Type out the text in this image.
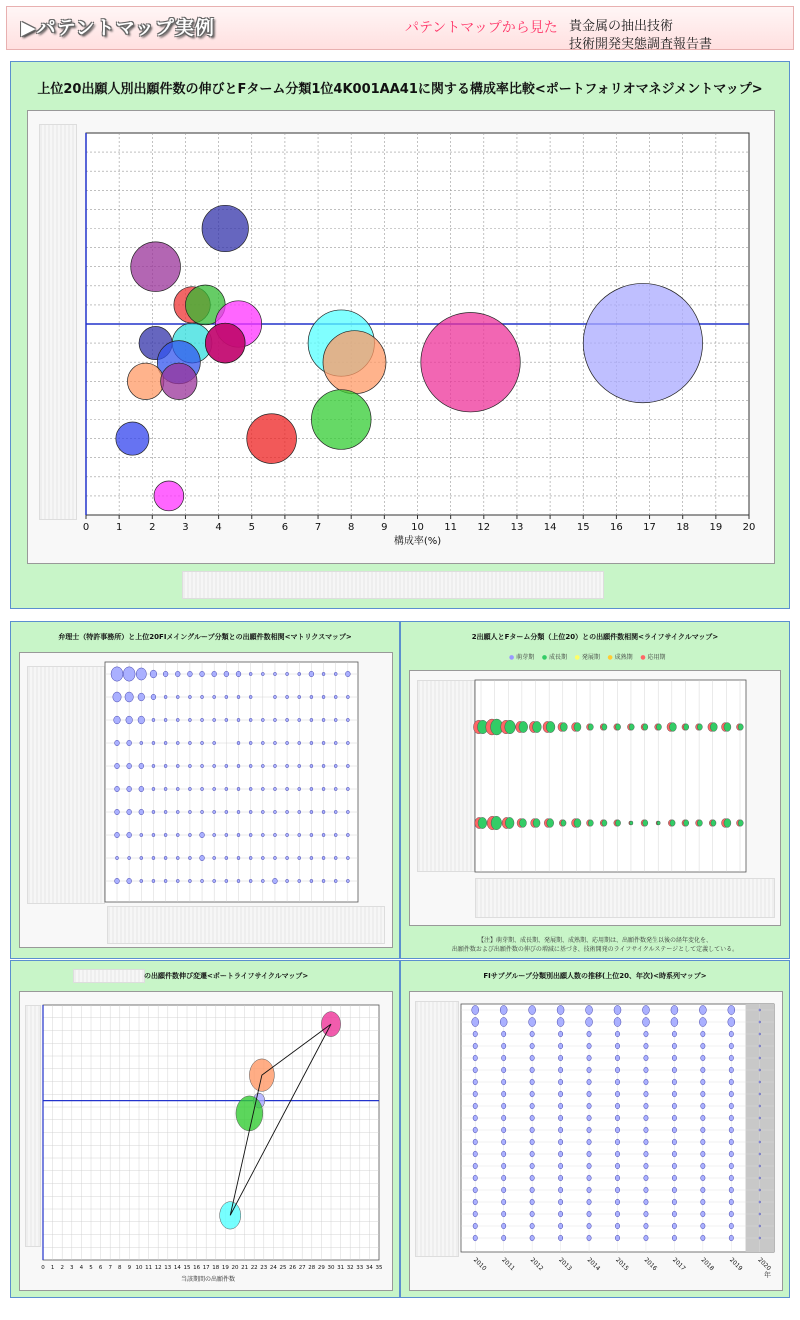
▶パテントマップ実例	パテントマップから見た 貴金属の抽出技術
技術開発実態調査報告書
上位20出願人別出願件数の伸びとFターム分類1位4K001AA41に関する構成率比較<ポートフォリオマネジメントマップ>
0	1	2	3	4	5	6	7	8	9 10 11 12 13 14 15 16 17 18 19 20
構成率(%)
弁理士（特許事務所）と上位20FIメイングループ分類との出願件数相関<マトリクスマップ>	2出願人とFターム分類（上位20）との出願件数相関<ライフサイクルマップ>
● 萌芽期 ● 成長期 ● 発展期 ● 成熟期 ● 応用期
【注】萌芽期、成長期、発展期、成熟期、応用期は、出願件数発生以後の経年変化を、
出願件数および出願件数の伸びの増減に基づき、技術開発のライフサイクルステージとして定義している。
の出願件数伸び変遷<ポートライフサイクルマップ>
当該期間の出願件数
0 1 2 3 4 5 6 7 8 9 10 11 12 13 14 15 16 17 18 19 20 21 22 23 24 25 26 27 28 29 30 31 32 33 34 35
FIサブグループ分類別出願人数の推移(上位20、年次)<時系列マップ>
2010 2011 2012 2013 2014 2015 2016 2017 2018 2019 2020
年
